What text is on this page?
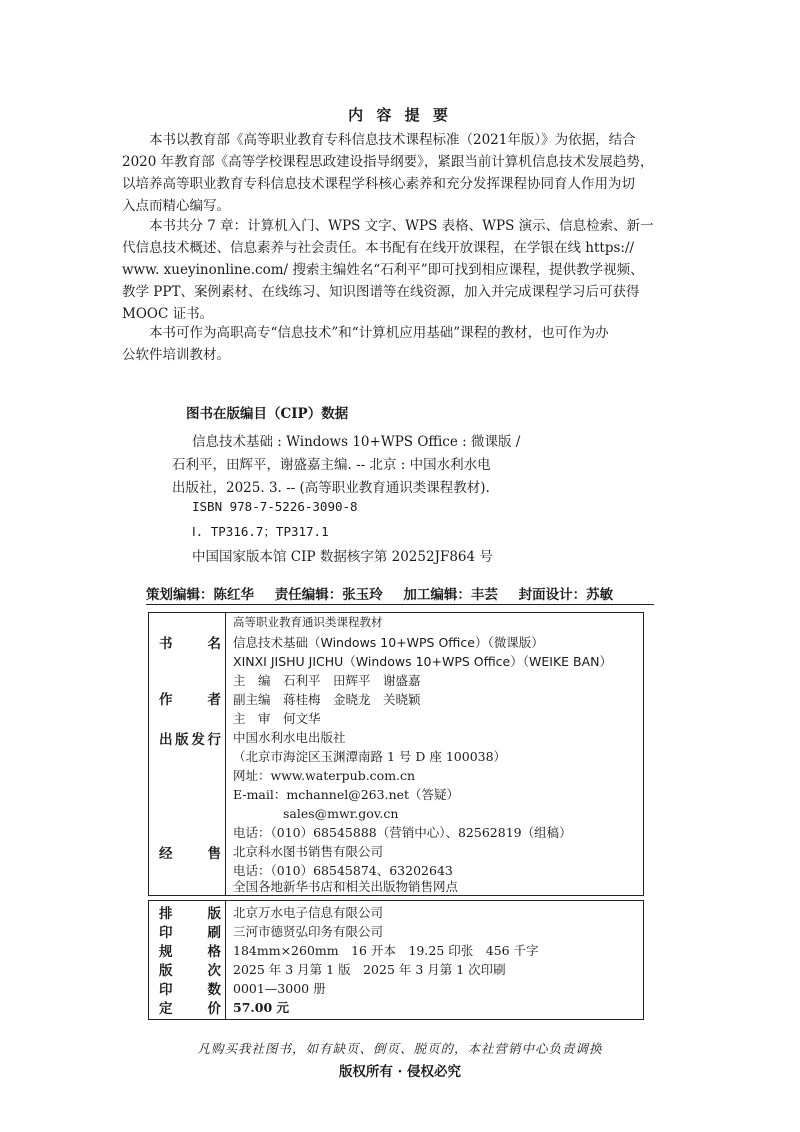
内 容 提 要
　　本书以教育部《高等职业教育专科信息技术课程标准（2021年版）》为依据，结合
2020 年教育部《高等学校课程思政建设指导纲要》，紧跟当前计算机信息技术发展趋势，
以培养高等职业教育专科信息技术课程学科核心素养和充分发挥课程协同育人作用为切
入点而精心编写。
　　本书共分 7 章：计算机入门、WPS 文字、WPS 表格、WPS 演示、信息检索、新一
代信息技术概述、信息素养与社会责任。本书配有在线开放课程，在学银在线 https://
www. xueyinonline.com/ 搜索主编姓名“石利平”即可找到相应课程，提供教学视频、
教学 PPT、案例素材、在线练习、知识图谱等在线资源，加入并完成课程学习后可获得
MOOC 证书。
　　本书可作为高职高专“信息技术”和“计算机应用基础”课程的教材，也可作为办
公软件培训教材。
图书在版编目（CIP）数据
信息技术基础 : Windows 10+WPS Office : 微课版 /
石利平，田辉平，谢盛嘉主编. -- 北京 : 中国水利水电
出版社，2025. 3. -- (高等职业教育通识类课程教材).
ISBN 978-7-5226-3090-8
Ⅰ. TP316.7；TP317.1
中国国家版本馆 CIP 数据核字第 20252JF864 号
策划编辑：陈红华 责任编辑：张玉玲 加工编辑：丰芸 封面设计：苏敏
高等职业教育通识类课程教材
书	名 信息技术基础（Windows 10+WPS Office）（微课版）
XINXI JISHU JICHU（Windows 10+WPS Office）（WEIKE BAN）
作	者
主　编　石利平　田辉平　谢盛嘉
副主编　蒋桂梅　金晓龙　关晓颖
主　审　何文华
出 版 发 行 中国水利水电出版社
（北京市海淀区玉渊潭南路 1 号 D 座 100038）
网址：www.waterpub.com.cn
E-mail：mchannel@263.net（答疑）
　　　　sales@mwr.gov.cn
电话：（010）68545888（营销中心）、82562819（组稿）
经	售 北京科水图书销售有限公司
电话：（010）68545874、63202643
全国各地新华书店和相关出版物销售网点
排	版 北京万水电子信息有限公司
印	刷 三河市德贤弘印务有限公司
规	格 184mm×260mm　16 开本　19.25 印张　456 千字
版	次 2025 年 3 月第 1 版　2025 年 3 月第 1 次印刷
印	数 0001—3000 册
定	价 57.00 元
凡购买我社图书，如有缺页、倒页、脱页的，本社营销中心负责调换
版权所有 · 侵权必究
